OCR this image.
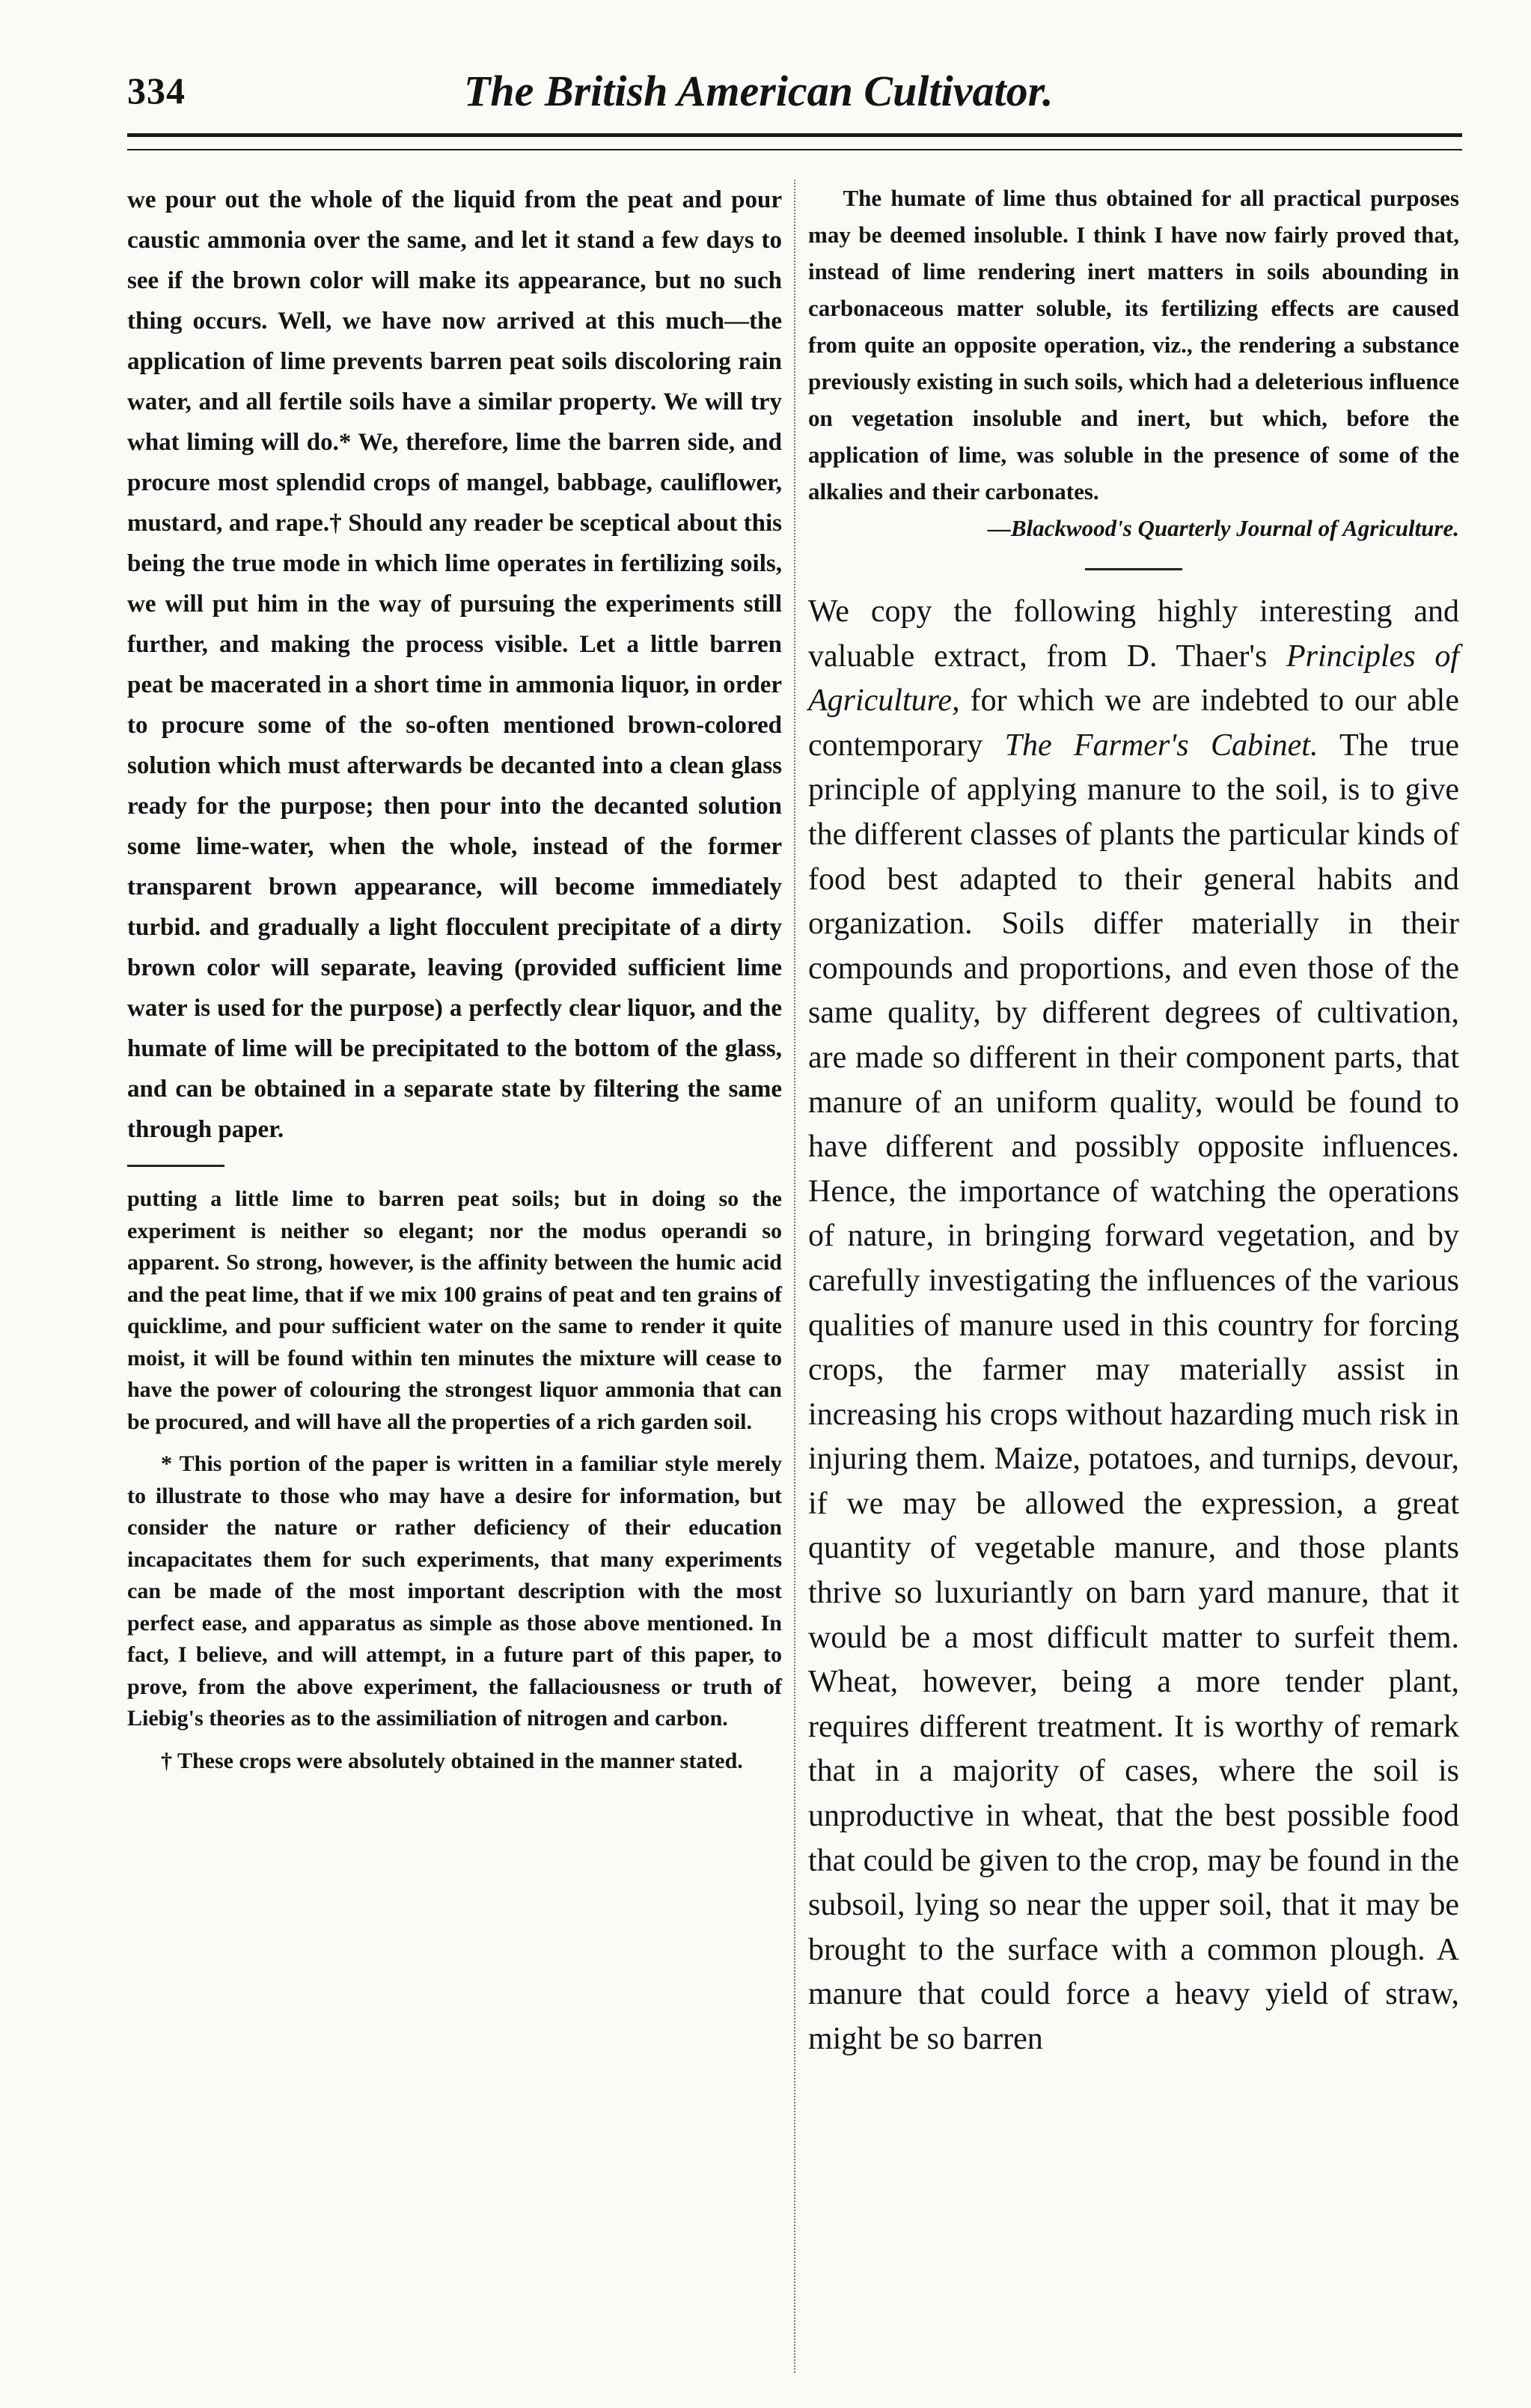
334	The British American Cultivator.

we pour out the whole of the liquid from the peat and pour caustic ammonia over the same, and let it stand a few days to see if the brown color will make its appearance, but no such thing occurs. Well, we have now arrived at this much—the application of lime prevents barren peat soils discoloring rain water, and all fertile soils have a similar property. We will try what liming will do.* We, therefore, lime the barren side, and procure most splendid crops of mangel, babbage, cauliflower, mustard, and rape.† Should any reader be sceptical about this being the true mode in which lime operates in fertilizing soils, we will put him in the way of pursuing the experiments still further, and making the process visible. Let a little barren peat be macerated in a short time in ammonia liquor, in order to procure some of the so-often mentioned brown-colored solution which must afterwards be decanted into a clean glass ready for the purpose; then pour into the decanted solution some lime-water, when the whole, instead of the former transparent brown appearance, will become immediately turbid. and gradually a light flocculent precipitate of a dirty brown color will separate, leaving (provided sufficient lime water is used for the purpose) a perfectly clear liquor, and the humate of lime will be precipitated to the bottom of the glass, and can be obtained in a separate state by filtering the same through paper.

putting a little lime to barren peat soils; but in doing so the experiment is neither so elegant; nor the modus operandi so apparent. So strong, however, is the affinity between the humic acid and the peat lime, that if we mix 100 grains of peat and ten grains of quicklime, and pour sufficient water on the same to render it quite moist, it will be found within ten minutes the mixture will cease to have the power of colouring the strongest liquor ammonia that can be procured, and will have all the properties of a rich garden soil.

* This portion of the paper is written in a familiar style merely to illustrate to those who may have a desire for information, but consider the nature or rather deficiency of their education incapacitates them for such experiments, that many experiments can be made of the most important description with the most perfect ease, and apparatus as simple as those above mentioned. In fact, I believe, and will attempt, in a future part of this paper, to prove, from the above experiment, the fallaciousness or truth of Liebig's theories as to the assimiliation of nitrogen and carbon.

† These crops were absolutely obtained in the manner stated.

The humate of lime thus obtained for all practical purposes may be deemed insoluble. I think I have now fairly proved that, instead of lime rendering inert matters in soils abounding in carbonaceous matter soluble, its fertilizing effects are caused from quite an opposite operation, viz., the rendering a substance previously existing in such soils, which had a deleterious influence on vegetation insoluble and inert, but which, before the application of lime, was soluble in the presence of some of the alkalies and their carbonates.

—Blackwood's Quarterly Journal of Agriculture.

We copy the following highly interesting and valuable extract, from D. Thaer's Principles of Agriculture, for which we are indebted to our able contemporary The Farmer's Cabinet. The true principle of applying manure to the soil, is to give the different classes of plants the particular kinds of food best adapted to their general habits and organization. Soils differ materially in their compounds and proportions, and even those of the same quality, by different degrees of cultivation, are made so different in their component parts, that manure of an uniform quality, would be found to have different and possibly opposite influences. Hence, the importance of watching the operations of nature, in bringing forward vegetation, and by carefully investigating the influences of the various qualities of manure used in this country for forcing crops, the farmer may materially assist in increasing his crops without hazarding much risk in injuring them. Maize, potatoes, and turnips, devour, if we may be allowed the expression, a great quantity of vegetable manure, and those plants thrive so luxuriantly on barn yard manure, that it would be a most difficult matter to surfeit them. Wheat, however, being a more tender plant, requires different treatment. It is worthy of remark that in a majority of cases, where the soil is unproductive in wheat, that the best possible food that could be given to the crop, may be found in the subsoil, lying so near the upper soil, that it may be brought to the surface with a common plough. A manure that could force a heavy yield of straw, might be so barren
